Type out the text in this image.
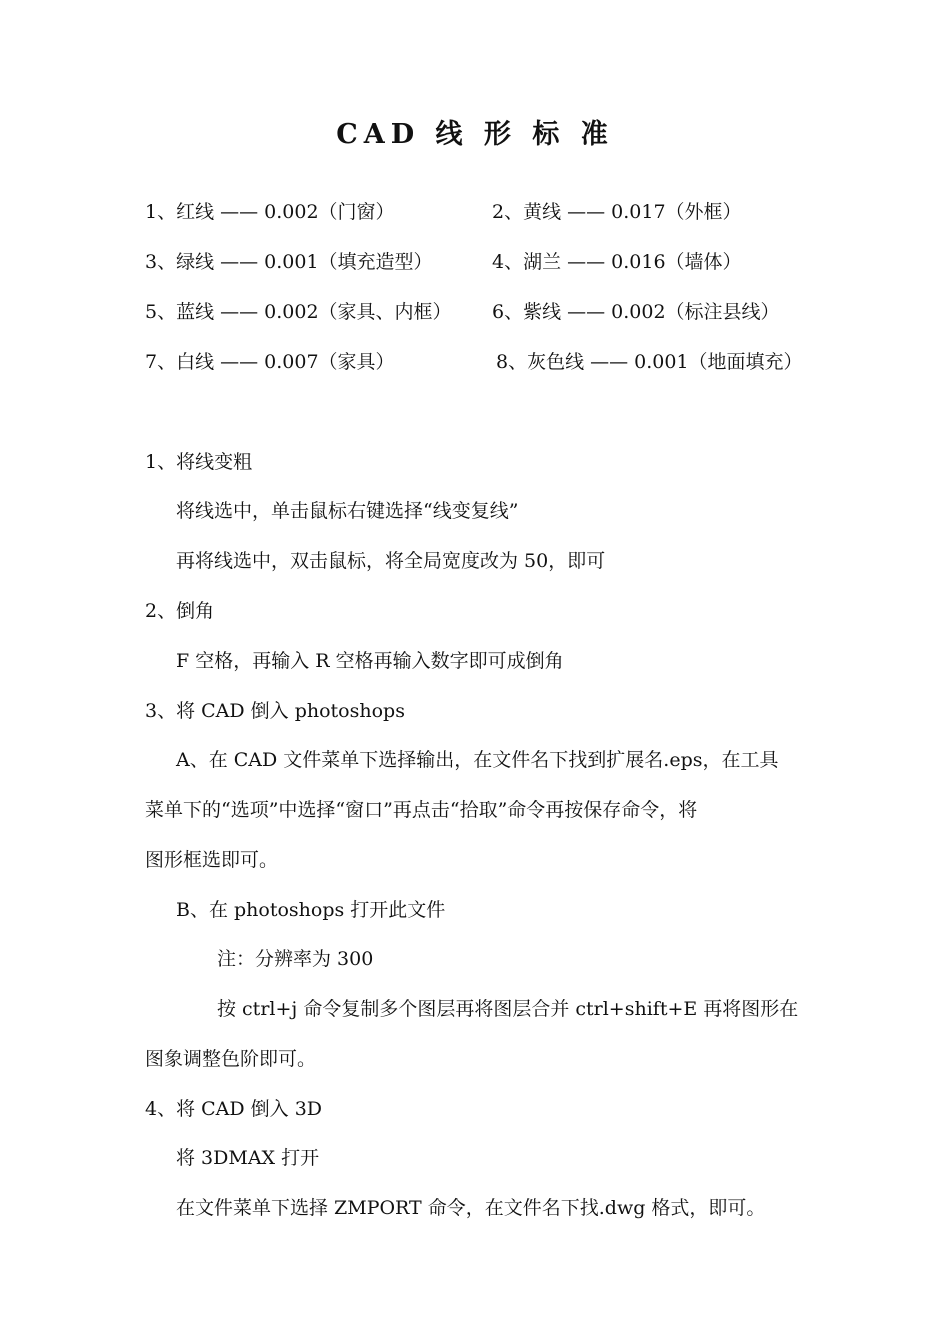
CAD 线 形 标 准
1、红线 —— 0.002（门窗）	2、黄线 —— 0.017（外框）
3、绿线 —— 0.001（填充造型）	4、湖兰 —— 0.016（墙体）
5、蓝线 —— 0.002（家具、内框） 6、紫线 —— 0.002（标注县线）
7、白线 —— 0.007（家具）	8、灰色线 —— 0.001（地面填充）
1、将线变粗
将线选中，单击鼠标右键选择“线变复线”
再将线选中，双击鼠标，将全局宽度改为 50，即可
2、倒角
F 空格，再输入 R 空格再输入数字即可成倒角
3、将 CAD 倒入 photoshops
A、在 CAD 文件菜单下选择输出，在文件名下找到扩展名.eps，在工具
菜单下的“选项”中选择“窗口”再点击“拾取”命令再按保存命令，将
图形框选即可。
B、在 photoshops 打开此文件
注：分辨率为 300
按 ctrl+j 命令复制多个图层再将图层合并 ctrl+shift+E 再将图形在
图象调整色阶即可。
4、将 CAD 倒入 3D
将 3DMAX 打开
在文件菜单下选择 ZMPORT 命令，在文件名下找.dwg 格式，即可。
